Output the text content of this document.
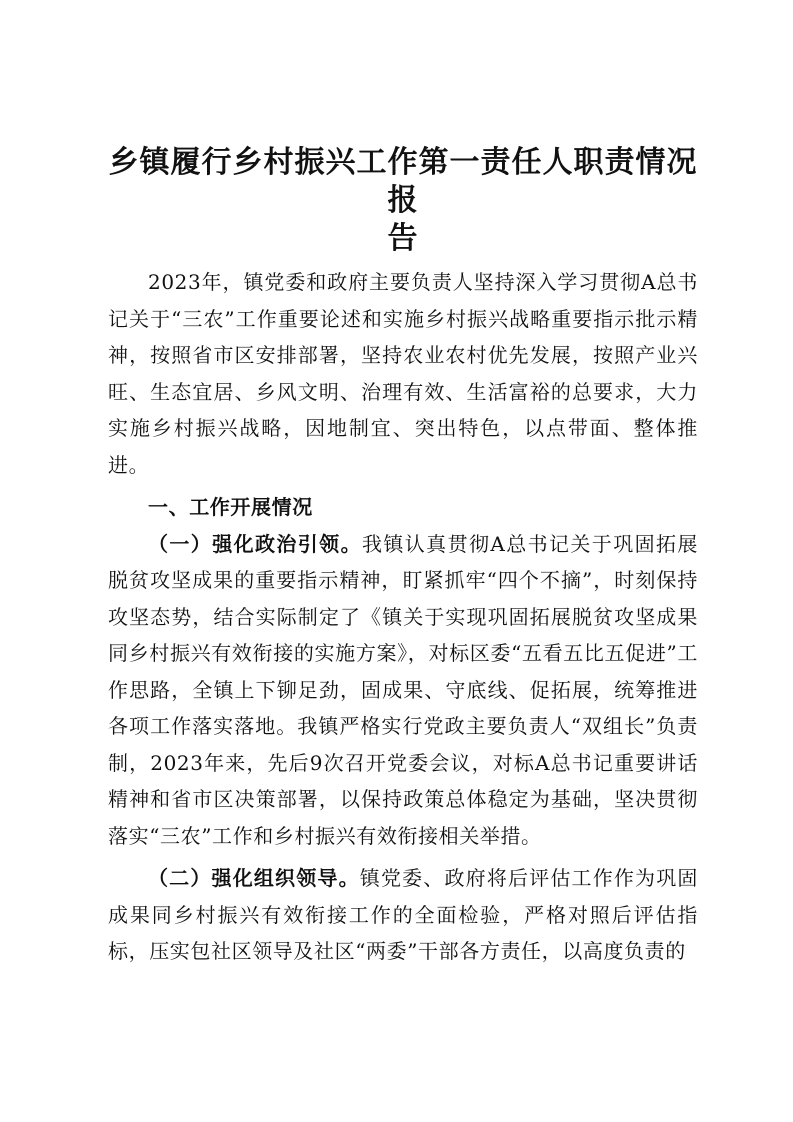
乡镇履行乡村振兴工作第一责任人职责情况报
告

2023年，镇党委和政府主要负责人坚持深入学习贯彻A总书记关于“三农”工作重要论述和实施乡村振兴战略重要指示批示精神，按照省市区安排部署，坚持农业农村优先发展，按照产业兴旺、生态宜居、乡风文明、治理有效、生活富裕的总要求，大力实施乡村振兴战略，因地制宜、突出特色，以点带面、整体推进。

一、工作开展情况

（一）强化政治引领。我镇认真贯彻A总书记关于巩固拓展脱贫攻坚成果的重要指示精神，盯紧抓牢“四个不摘”，时刻保持攻坚态势，结合实际制定了《镇关于实现巩固拓展脱贫攻坚成果同乡村振兴有效衔接的实施方案》，对标区委“五看五比五促进”工作思路，全镇上下铆足劲，固成果、守底线、促拓展，统筹推进各项工作落实落地。我镇严格实行党政主要负责人“双组长”负责制，2023年来，先后9次召开党委会议，对标A总书记重要讲话精神和省市区决策部署，以保持政策总体稳定为基础，坚决贯彻落实“三农”工作和乡村振兴有效衔接相关举措。

（二）强化组织领导。镇党委、政府将后评估工作作为巩固成果同乡村振兴有效衔接工作的全面检验，严格对照后评估指标，压实包社区领导及社区“两委”干部各方责任，以高度负责的
